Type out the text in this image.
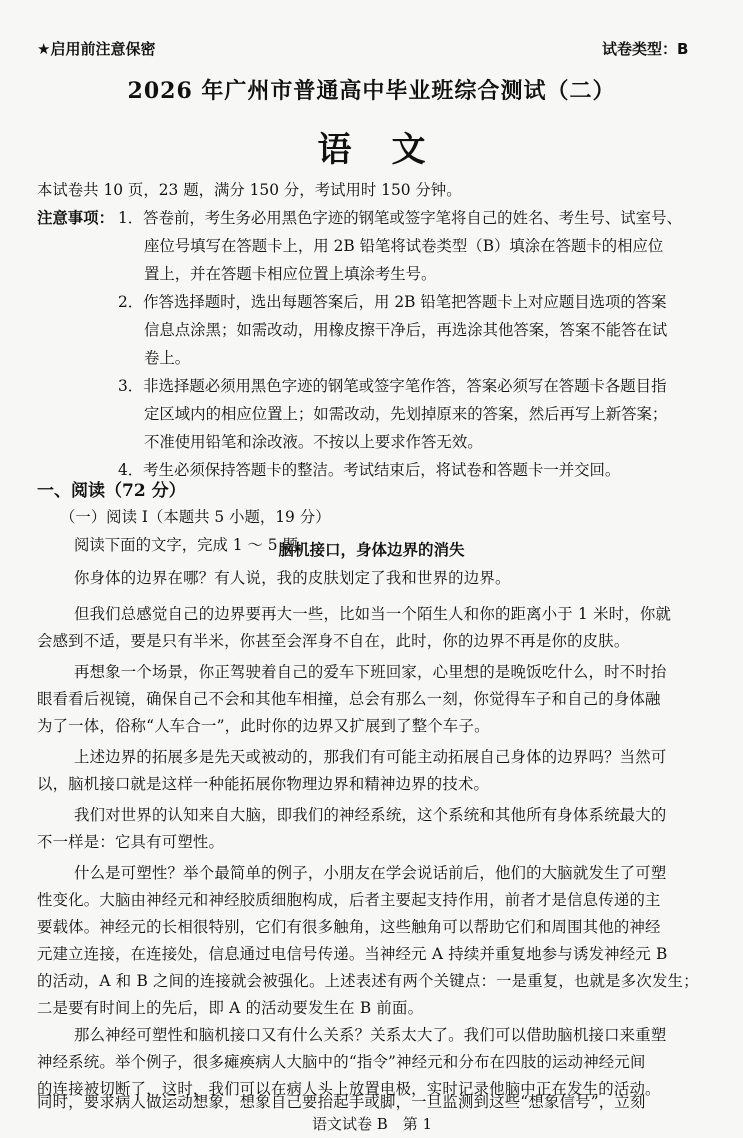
★启用前注意保密	试卷类型：B

2026 年广州市普通高中毕业班综合测试（二）

语文

本试卷共 10 页，23 题，满分 150 分，考试用时 150 分钟。

注意事项： 1．答卷前，考生务必用黑色字迹的钢笔或签字笔将自己的姓名、考生号、试室号、

座位号填写在答题卡上，用 2B 铅笔将试卷类型（B）填涂在答题卡的相应位

置上，并在答题卡相应位置上填涂考生号。

2．作答选择题时，选出每题答案后，用 2B 铅笔把答题卡上对应题目选项的答案

信息点涂黑；如需改动，用橡皮擦干净后，再选涂其他答案，答案不能答在试

卷上。

3．非选择题必须用黑色字迹的钢笔或签字笔作答，答案必须写在答题卡各题目指

定区域内的相应位置上；如需改动，先划掉原来的答案，然后再写上新答案；

不准使用铅笔和涂改液。不按以上要求作答无效。

4．考生必须保持答题卡的整洁。考试结束后，将试卷和答题卡一并交回。

一、阅读（72 分）

（一）阅读 I（本题共 5 小题，19 分）

阅读下面的文字，完成 1 ～ 5 题。

脑机接口，身体边界的消失

你身体的边界在哪？有人说，我的皮肤划定了我和世界的边界。

但我们总感觉自己的边界要再大一些，比如当一个陌生人和你的距离小于 1 米时，你就

会感到不适，要是只有半米，你甚至会浑身不自在，此时，你的边界不再是你的皮肤。

再想象一个场景，你正驾驶着自己的爱车下班回家，心里想的是晚饭吃什么，时不时抬

眼看看后视镜，确保自己不会和其他车相撞，总会有那么一刻，你觉得车子和自己的身体融

为了一体，俗称“人车合一”，此时你的边界又扩展到了整个车子。

上述边界的拓展多是先天或被动的，那我们有可能主动拓展自己身体的边界吗？当然可

以，脑机接口就是这样一种能拓展你物理边界和精神边界的技术。

我们对世界的认知来自大脑，即我们的神经系统，这个系统和其他所有身体系统最大的

不一样是：它具有可塑性。

什么是可塑性？举个最简单的例子，小朋友在学会说话前后，他们的大脑就发生了可塑

性变化。大脑由神经元和神经胶质细胞构成，后者主要起支持作用，前者才是信息传递的主

要载体。神经元的长相很特别，它们有很多触角，这些触角可以帮助它们和周围其他的神经

元建立连接，在连接处，信息通过电信号传递。当神经元 A 持续并重复地参与诱发神经元 B

的活动，A 和 B 之间的连接就会被强化。上述表述有两个关键点：一是重复，也就是多次发生；

二是要有时间上的先后，即 A 的活动要发生在 B 前面。

那么神经可塑性和脑机接口又有什么关系？关系太大了。我们可以借助脑机接口来重塑

神经系统。举个例子，很多瘫痪病人大脑中的“指令”神经元和分布在四肢的运动神经元间

的连接被切断了，这时，我们可以在病人头上放置电极，实时记录他脑中正在发生的活动。

同时，要求病人做运动想象，想象自己要抬起手或脚，一旦监测到这些“想象信号”，立刻

语文试卷 B　第 1
